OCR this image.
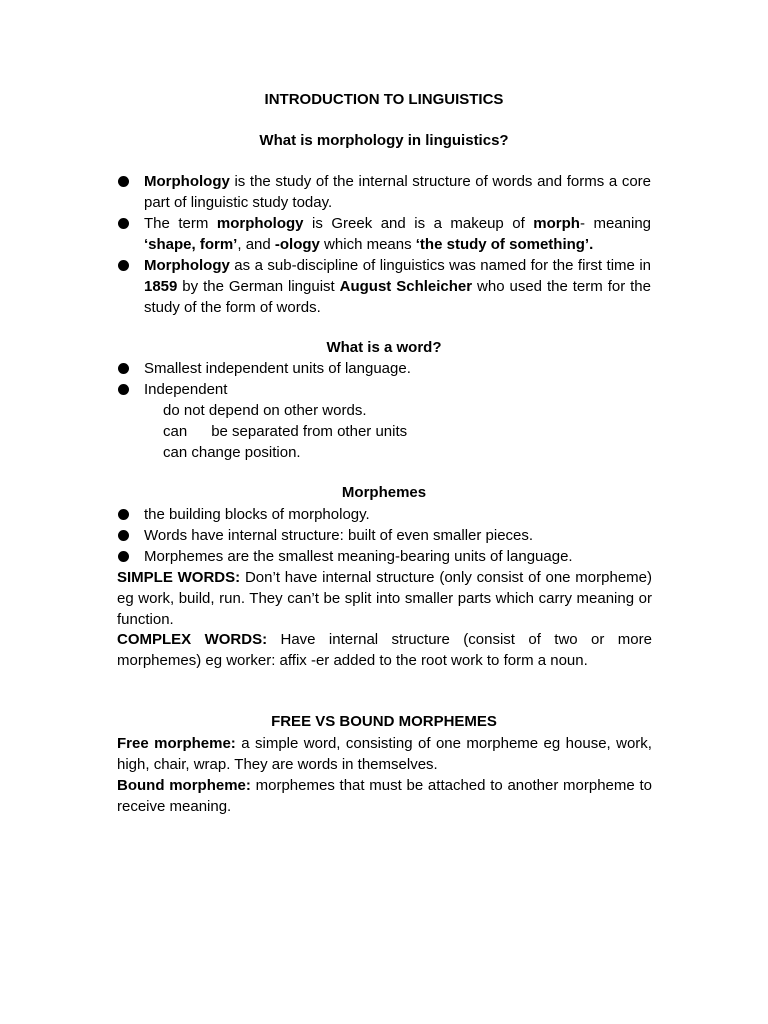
INTRODUCTION TO LINGUISTICS
What is morphology in linguistics?
Morphology is the study of the internal structure of words and forms a core part of linguistic study today.
The term morphology is Greek and is a makeup of morph- meaning ‘shape, form’, and -ology which means ‘the study of something’.
Morphology as a sub-discipline of linguistics was named for the first time in 1859 by the German linguist August Schleicher who used the term for the study of the form of words.
What is a word?
Smallest independent units of language.
Independent
do not depend on other words.
can be separated from other units
can change position.
Morphemes
the building blocks of morphology.
Words have internal structure: built of even smaller pieces.
Morphemes are the smallest meaning-bearing units of language.
SIMPLE WORDS: Don’t have internal structure (only consist of one morpheme) eg work, build, run. They can’t be split into smaller parts which carry meaning or function.
COMPLEX WORDS: Have internal structure (consist of two or more morphemes) eg worker: affix -er added to the root work to form a noun.
FREE VS BOUND MORPHEMES
Free morpheme: a simple word, consisting of one morpheme eg house, work, high, chair, wrap. They are words in themselves.
Bound morpheme: morphemes that must be attached to another morpheme to receive meaning.
